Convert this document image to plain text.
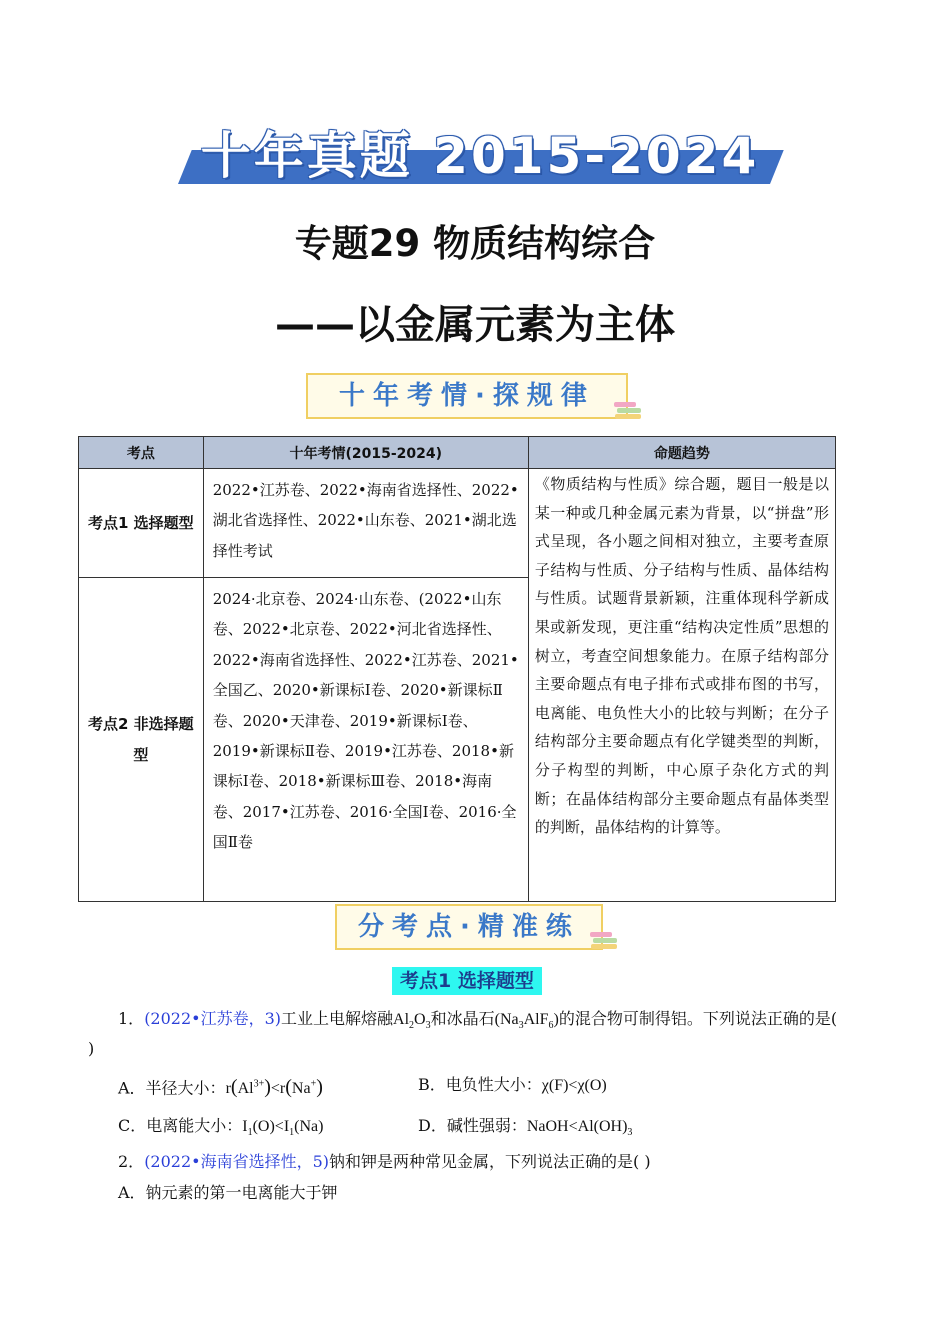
十年真题 2015-2024
专题29 物质结构综合
——以金属元素为主体
十年考情·探规律
考点	十年考情(2015-2024)	命题趋势
考点1 选择题型	2022•江苏卷、2022•海南省选择性、2022•湖北省选择性、2022•山东卷、2021•湖北选择性考试	《物质结构与性质》综合题，题目一般是以某一种或几种金属元素为背景，以“拼盘”形式呈现，各小题之间相对独立，主要考查原子结构与性质、分子结构与性质、晶体结构与性质。试题背景新颖，注重体现科学新成果或新发现，更注重“结构决定性质”思想的树立，考查空间想象能力。在原子结构部分主要命题点有电子排布式或排布图的书写，电离能、电负性大小的比较与判断；在分子结构部分主要命题点有化学键类型的判断，分子构型的判断，中心原子杂化方式的判断；在晶体结构部分主要命题点有晶体类型的判断，晶体结构的计算等。
考点2 非选择题型	2024·北京卷、2024·山东卷、(2022•山东卷、2022•北京卷、2022•河北省选择性、2022•海南省选择性、2022•江苏卷、2021•全国乙、2020•新课标Ⅰ卷、2020•新课标Ⅱ卷、2020•天津卷、2019•新课标Ⅰ卷、2019•新课标Ⅱ卷、2019•江苏卷、2018•新课标Ⅰ卷、2018•新课标Ⅲ卷、2018•海南卷、2017•江苏卷、2016·全国Ⅰ卷、2016·全国Ⅱ卷	
分考点·精准练
考点1 选择题型
1．(2022•江苏卷，3)工业上电解熔融$Al_2O_3$和冰晶石$(Na_3AlF_6)$的混合物可制得铝。下列说法正确的是(
)
A．半径大小：$r(Al^{3+})<r(Na^+)$	B．电负性大小：χ(F)<χ(O)
C．电离能大小：$I_1(O)<I_1(Na)$	D．碱性强弱：$NaOH<Al(OH)_3$
2．(2022•海南省选择性，5)钠和钾是两种常见金属，下列说法正确的是( )
A．钠元素的第一电离能大于钾
